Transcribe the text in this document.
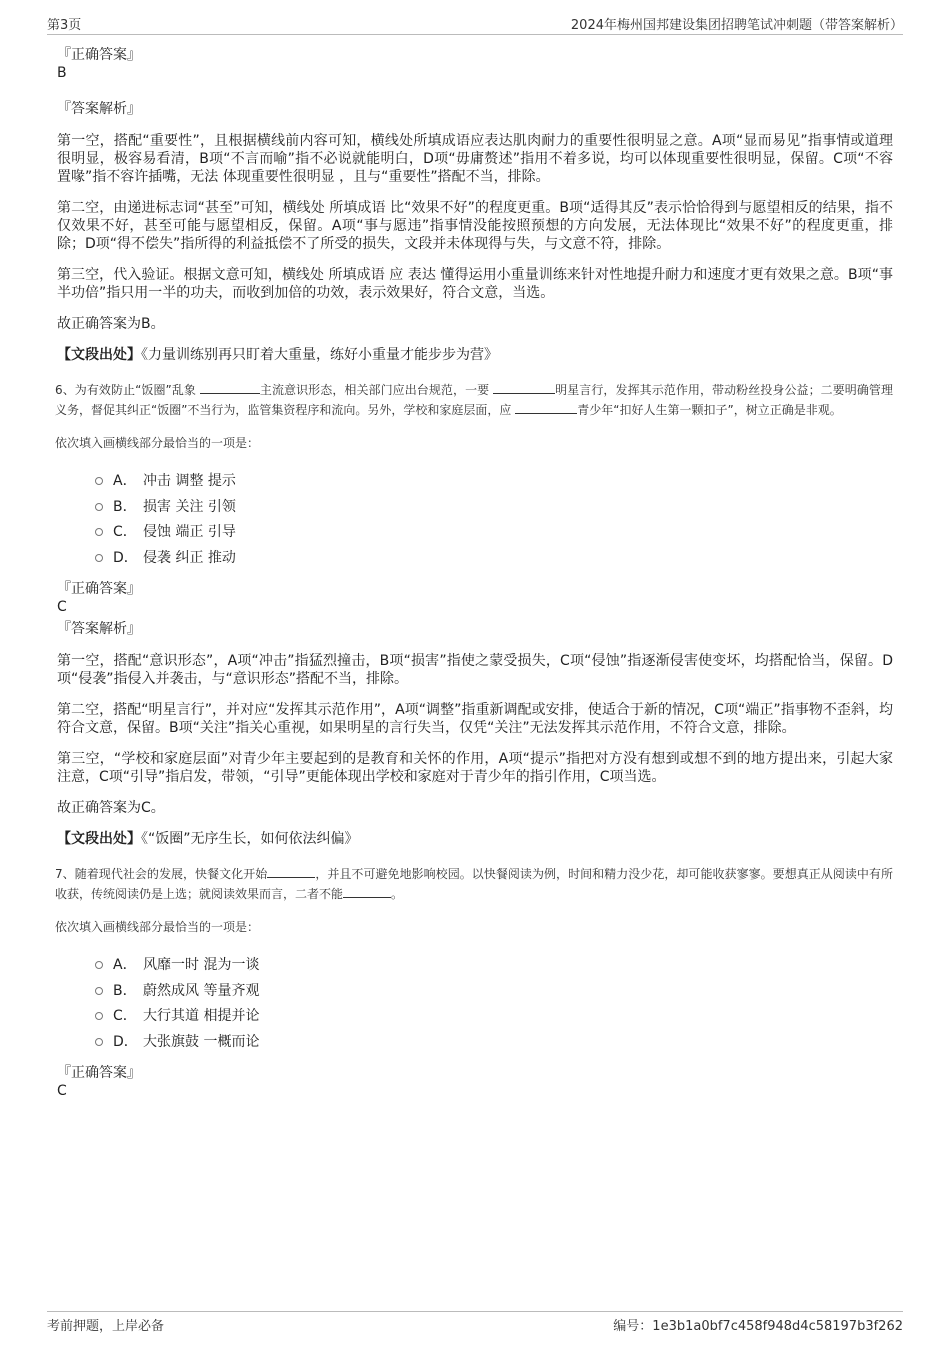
第3页	2024年梅州国邦建设集团招聘笔试冲刺题（带答案解析）
『正确答案』
B
『答案解析』

第一空，搭配“重要性”，且根据横线前内容可知，横线处所填成语应表达肌肉耐力的重要性很明显之意。A项“显而易见”指事情或道理很明显，极容易看清，B项“不言而喻”指不必说就能明白，D项“毋庸赘述”指用不着多说，均可以体现重要性很明显，保留。C项“不容置喙”指不容许插嘴，无法 体现重要性很明显 ，且与“重要性”搭配不当，排除。

第二空，由递进标志词“甚至”可知，横线处 所填成语 比“效果不好”的程度更重。B项“适得其反”表示恰恰得到与愿望相反的结果，指不仅效果不好，甚至可能与愿望相反，保留。A项“事与愿违”指事情没能按照预想的方向发展，无法体现比“效果不好”的程度更重，排除；D项“得不偿失”指所得的利益抵偿不了所受的损失，文段并未体现得与失，与文意不符，排除。

第三空，代入验证。根据文意可知，横线处 所填成语 应 表达 懂得运用小重量训练来针对性地提升耐力和速度才更有效果之意。B项“事半功倍”指只用一半的功夫，而收到加倍的功效，表示效果好，符合文意，当选。

故正确答案为B。

【文段出处】《力量训练别再只盯着大重量，练好小重量才能步步为营》

6、为有效防止“饭圈”乱象	主流意识形态，相关部门应出台规范，一要	明星言行，发挥其示范作用，带动粉丝投身公益；二要明确管理义务，督促其纠正“饭圈”不当行为，监管集资程序和流向。另外，学校和家庭层面，应	青少年“扣好人生第一颗扣子”，树立正确是非观。

依次填入画横线部分最恰当的一项是：
A． 冲击 调整 提示
B． 损害 关注 引领
C． 侵蚀 端正 引导
D． 侵袭 纠正 推动
『正确答案』
C
『答案解析』

第一空，搭配“意识形态”，A项“冲击”指猛烈撞击，B项“损害”指使之蒙受损失，C项“侵蚀”指逐渐侵害使变坏，均搭配恰当，保留。D项“侵袭”指侵入并袭击，与“意识形态”搭配不当，排除。

第二空，搭配“明星言行”，并对应“发挥其示范作用”，A项“调整”指重新调配或安排，使适合于新的情况，C项“端正”指事物不歪斜，均符合文意，保留。B项“关注”指关心重视，如果明星的言行失当，仅凭“关注”无法发挥其示范作用，不符合文意，排除。

第三空，“学校和家庭层面”对青少年主要起到的是教育和关怀的作用，A项“提示”指把对方没有想到或想不到的地方提出来，引起大家注意，C项“引导”指启发，带领，“引导”更能体现出学校和家庭对于青少年的指引作用，C项当选。

故正确答案为C。

【文段出处】《“饭圈”无序生长，如何依法纠偏》

7、随着现代社会的发展，快餐文化开始	，并且不可避免地影响校园。以快餐阅读为例，时间和精力没少花，却可能收获寥寥。要想真正从阅读中有所收获，传统阅读仍是上选；就阅读效果而言，二者不能	。

依次填入画横线部分最恰当的一项是：
A． 风靡一时 混为一谈
B． 蔚然成风 等量齐观
C． 大行其道 相提并论
D． 大张旗鼓 一概而论
『正确答案』
C
考前押题，上岸必备	编号：1e3b1a0bf7c458f948d4c58197b3f262
